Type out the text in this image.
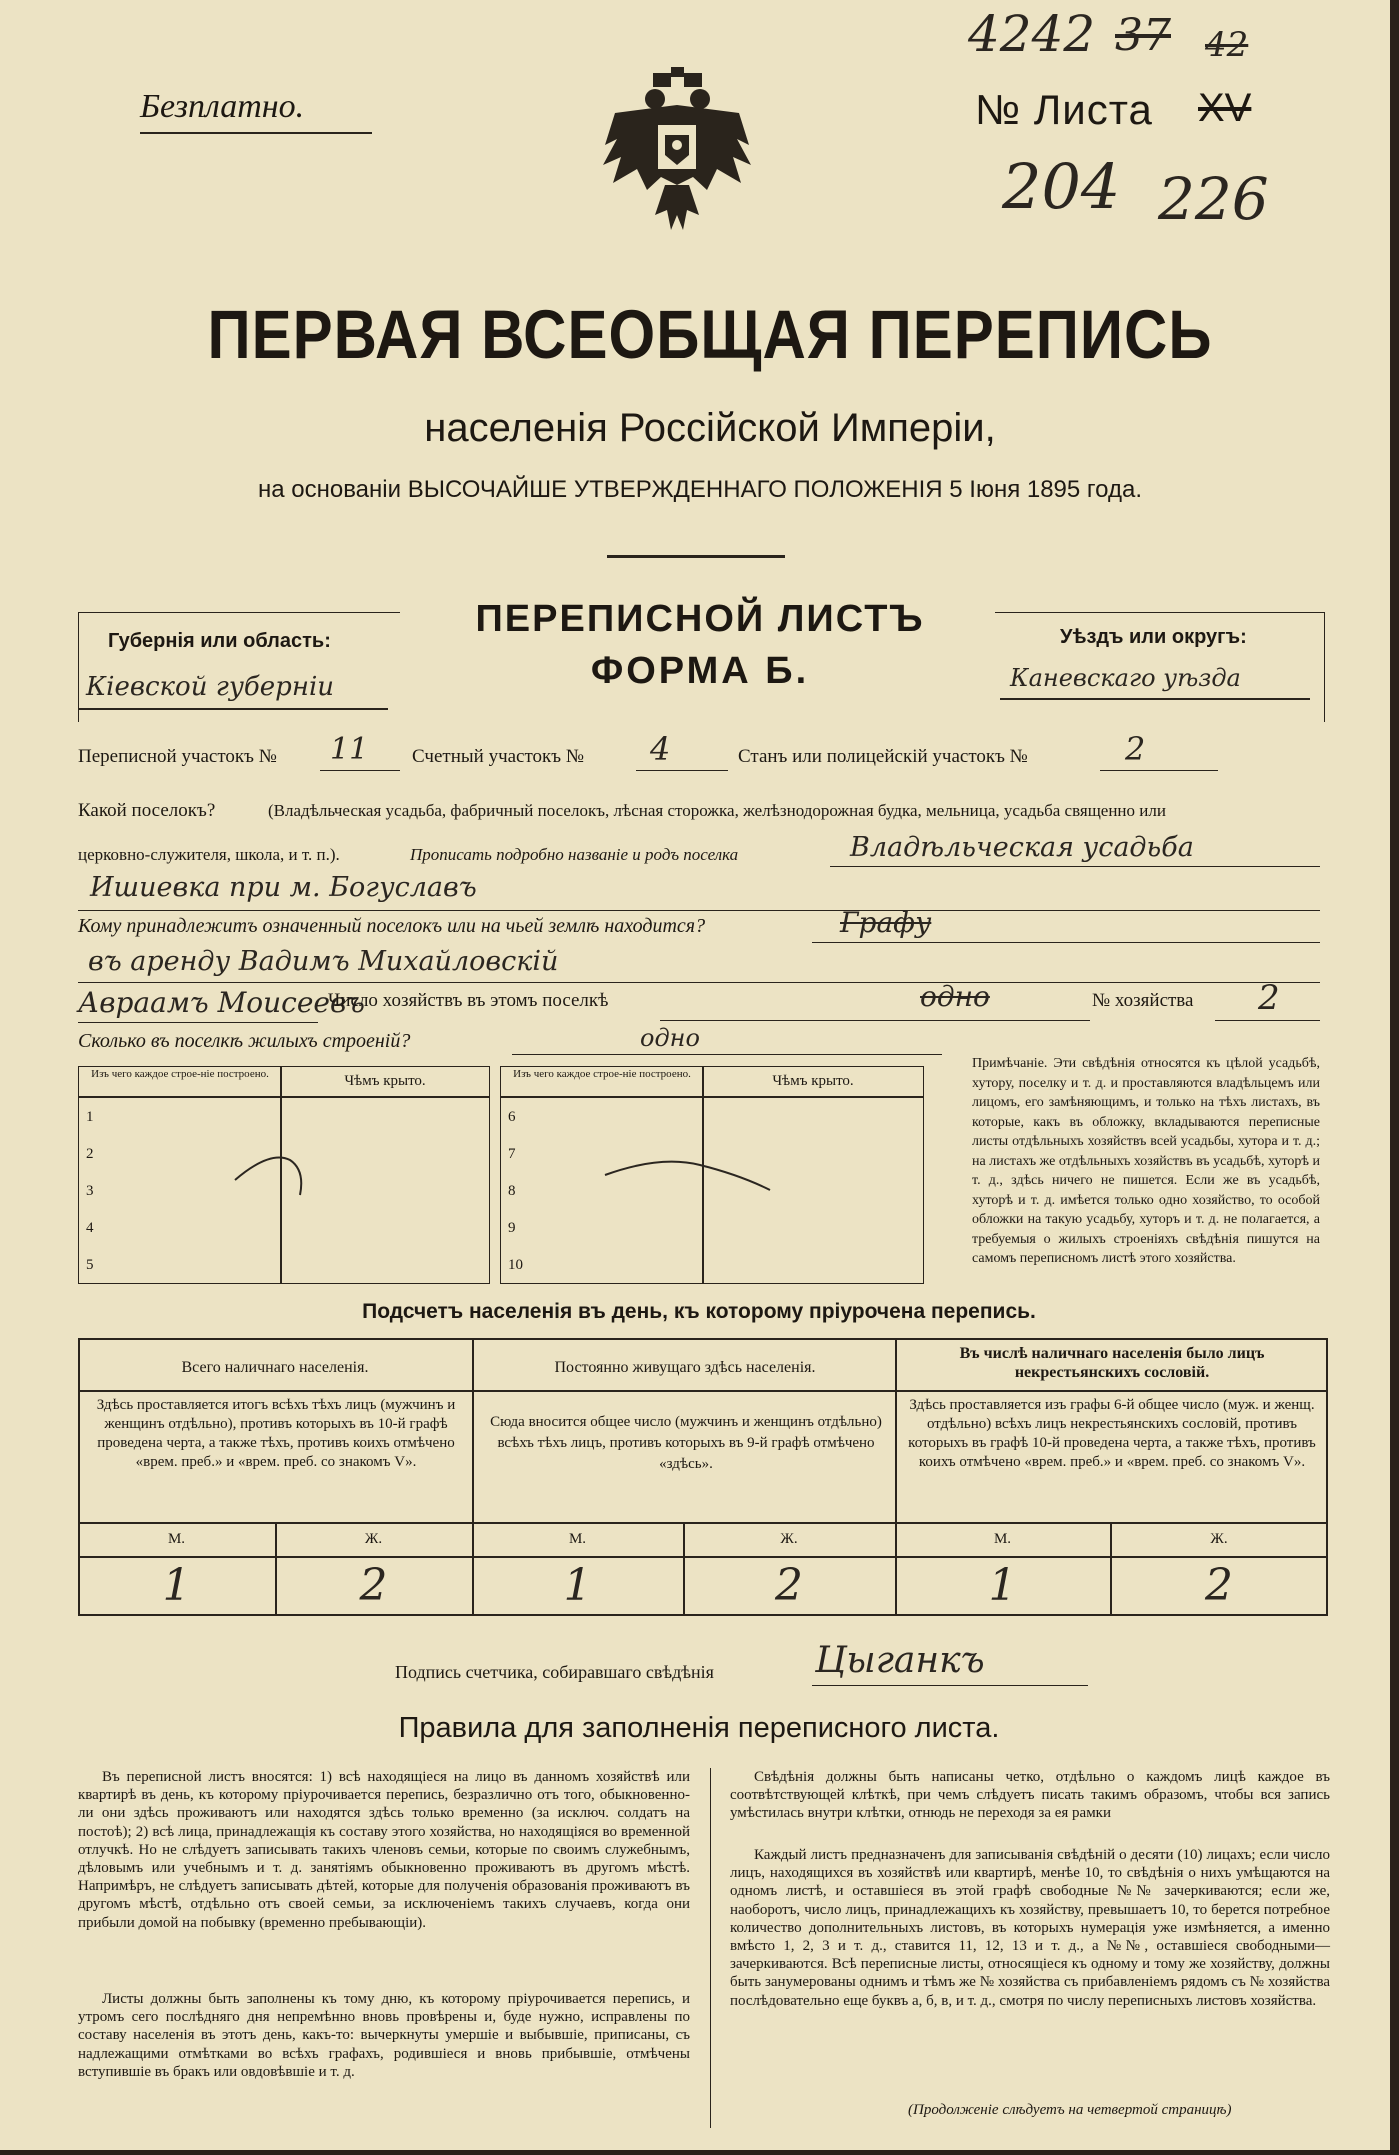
Безплатно.	№ Листа XV
4242 37 42
204 226
ПЕРВАЯ ВСЕОБЩАЯ ПЕРЕПИСЬ
населенія Россійской Имперіи,
на основаніи ВЫСОЧАЙШЕ УТВЕРЖДЕННАГО ПОЛОЖЕНІЯ 5 Іюня 1895 года.
Губернія или область:
Кіевской губерніи
ПЕРЕПИСНОЙ ЛИСТЪ
ФОРМА Б.
Уѣздъ или округъ:
Каневскаго уѣзда
Переписной участокъ № 11 Счетный участокъ № 4	Станъ или полицейскій участокъ №	2
Какой поселокъ?	(Владѣльческая усадьба, фабричный поселокъ, лѣсная сторожка, желѣзнодорожная будка, мельница, усадьба священно или
церковно-служителя, школа, и т. п.).	Прописать подробно названіе и родъ поселка	Владѣльческая усадьба
Ишиевка при м. Богуславъ
Кому принадлежитъ означенный поселокъ или на чьей землѣ находится?	Графу
въ аренду Вадимъ Михайловскій
Авраамъ Моисеевъ
Число хозяйствъ въ этомъ поселкѣ	одно	№ хозяйства 2
Сколько въ поселкѣ жилыхъ строеній?	одно
Изъ чего каждое строе-ніе построено.	Чѣмъ крыто.
1
2
3
4
5
Изъ чего каждое строе-ніе построено.	Чѣмъ крыто.
6
7
8
9
10
Примѣчаніе. Эти свѣдѣнія относятся къ цѣлой усадьбѣ, хутору, поселку и т. д. и проставляются владѣльцемъ или лицомъ, его замѣняющимъ, и только на тѣхъ листахъ, въ которые, какъ въ обложку, вкладываются переписные листы отдѣльныхъ хозяйствъ всей усадьбы, хутора и т. д.; на листахъ же отдѣльныхъ хозяйствъ въ усадьбѣ, хуторѣ и т. д., здѣсь ничего не пишется. Если же въ усадьбѣ, хуторѣ и т. д. имѣется только одно хозяйство, то особой обложки на такую усадьбу, хуторъ и т. д. не полагается, а требуемыя о жилыхъ строеніяхъ свѣдѣнія пишутся на самомъ переписномъ листѣ этого хозяйства.
Подсчетъ населенія въ день, къ которому пріурочена перепись.
Всего наличнаго населенія.
Здѣсь проставляется итогъ всѣхъ тѣхъ лицъ (мужчинъ и женщинъ отдѣльно), противъ которыхъ въ 10-й графѣ проведена черта, а также тѣхъ, противъ коихъ отмѣчено «врем. преб.» и «врем. преб. со знакомъ V».
Постоянно живущаго здѣсь населенія.
Сюда вносится общее число (мужчинъ и женщинъ отдѣльно) всѣхъ тѣхъ лицъ, противъ которыхъ въ 9-й графѣ отмѣчено «здѣсь».
Въ числѣ наличнаго населенія было лицъ некрестьянскихъ сословій.
Здѣсь проставляется изъ графы 6-й общее число (муж. и женщ. отдѣльно) всѣхъ лицъ некрестьянскихъ сословій, противъ которыхъ въ графѣ 10-й проведена черта, а также тѣхъ, противъ коихъ отмѣчено «врем. преб.» и «врем. преб. со знакомъ V».
М.	Ж.	М.	Ж.	М.	Ж.
1	2	1	2	1	2
Подпись счетчика, собиравшаго свѣдѣнія	Цыганкъ
Правила для заполненія переписного листа.
Въ переписной листъ вносятся: 1) всѣ находящіеся на лицо въ данномъ хозяйствѣ или квартирѣ въ день, къ которому пріурочивается перепись, безразлично отъ того, обыкновенно-ли они здѣсь проживаютъ или находятся здѣсь только временно (за исключ. солдатъ на постоѣ); 2) всѣ лица, принадлежащія къ составу этого хозяйства, но находящіяся во временной отлучкѣ. Но не слѣдуетъ записывать такихъ членовъ семьи, которые по своимъ служебнымъ, дѣловымъ или учебнымъ и т. д. занятіямъ обыкновенно проживаютъ въ другомъ мѣстѣ. Напримѣръ, не слѣдуетъ записывать дѣтей, которые для полученія образованія проживаютъ въ другомъ мѣстѣ, отдѣльно отъ своей семьи, за исключеніемъ такихъ случаевъ, когда они прибыли домой на побывку (временно пребывающіи).
Листы должны быть заполнены къ тому дню, къ которому пріурочивается перепись, и утромъ сего послѣдняго дня непремѣнно вновь провѣрены и, буде нужно, исправлены по составу населенія въ этотъ день, какъ-то: вычеркнуты умершіе и выбывшіе, приписаны, съ надлежащими отмѣтками во всѣхъ графахъ, родившіеся и вновь прибывшіе, отмѣчены вступившіе въ бракъ или овдовѣвшіе и т. д.
Свѣдѣнія должны быть написаны четко, отдѣльно о каждомъ лицѣ каждое въ соотвѣтствующей клѣткѣ, при чемъ слѣдуетъ писать такимъ образомъ, чтобы вся запись умѣстилась внутри клѣтки, отнюдь не переходя за ея рамки
Каждый листъ предназначенъ для записыванія свѣдѣній о десяти (10) лицахъ; если число лицъ, находящихся въ хозяйствѣ или квартирѣ, менѣе 10, то свѣдѣнія о нихъ умѣщаются на одномъ листѣ, и оставшіеся въ этой графѣ свободные №№ зачеркиваются; если же, наоборотъ, число лицъ, принадлежащихъ къ хозяйству, превышаетъ 10, то берется потребное количество дополнительныхъ листовъ, въ которыхъ нумерація уже измѣняется, а именно вмѣсто 1, 2, 3 и т. д., ставится 11, 12, 13 и т. д., а №№, оставшіеся свободными—зачеркиваются. Всѣ переписные листы, относящіеся къ одному и тому же хозяйству, должны быть занумерованы однимъ и тѣмъ же № хозяйства съ прибавленіемъ рядомъ съ № хозяйства послѣдовательно еще буквъ а, б, в, и т. д., смотря по числу переписныхъ листовъ хозяйства.
(Продолженіе слѣдуетъ на четвертой страницѣ)
